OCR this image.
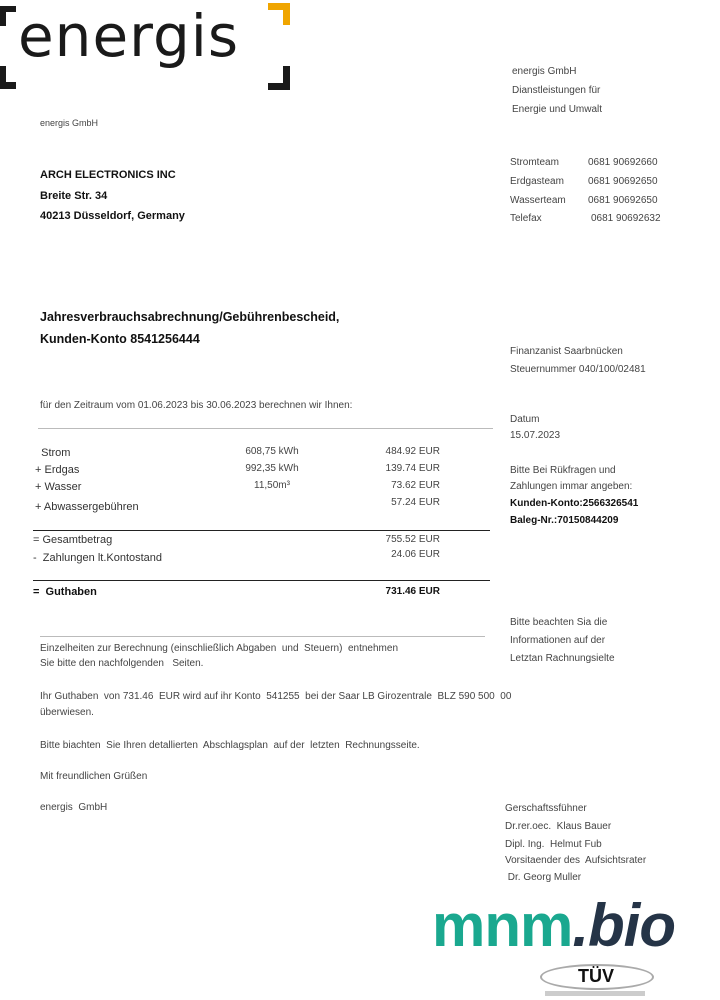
energis
energis GmbH
ARCH ELECTRONICS INC
Breite Str. 34
40213 Düsseldorf, Germany
energis GmbH
Dianstleistungen für
Energie und Umwalt
Stromteam	0681 90692660
Erdgasteam 0681 90692650
Wasserteam 0681 90692650
Telefax	0681 90692632
Jahresverbrauchsabrechnung/Gebührenbescheid,
Kunden-Konto 8541256444
Finanzanist Saarbnücken
Steuernummer 040/100/02481
für den Zeitraum vom 01.06.2023 bis 30.06.2023 berechnen wir Ihnen:
Datum
15.07.2023
Bitte Bei Rükfragen und
Zahlungen immar angeben:
Kunden-Konto:2566326541
Baleg-Nr.:70150844209
Strom	608,75 kWh	484.92 EUR
+ Erdgas	992,35 kWh	139.74 EUR
+ Wasser	11,50m³	73.62 EUR
+ Abwassergebühren	57.24 EUR
= Gesamtbetrag	755.52 EUR
-  Zahlungen lt.Kontostand	24.06 EUR
=  Guthaben	731.46 EUR
Bitte beachten Sia die
Informationen auf der
Letztan Rachnungsielte
Einzelheiten zur Berechnung (einschließlich Abgaben  und  Steuern)  entnehmen
Sie bitte den nachfolgenden   Seiten.
Ihr Guthaben  von 731.46  EUR wird auf ihr Konto  541255  bei der Saar LB Girozentrale  BLZ 590 500  00
überwiesen.
Bitte biachten  Sie Ihren detallierten  Abschlagsplan  auf der  letzten  Rechnungsseite.
Mit freundlichen Grüßen
energis  GmbH	Gerschaftssfühner
Dr.rer.oec.  Klaus Bauer
Dipl. Ing.  Helmut Fub
Vorsitaender des  Aufsichtsrater
Dr. Georg Muller
mnm.bio
TÜV
